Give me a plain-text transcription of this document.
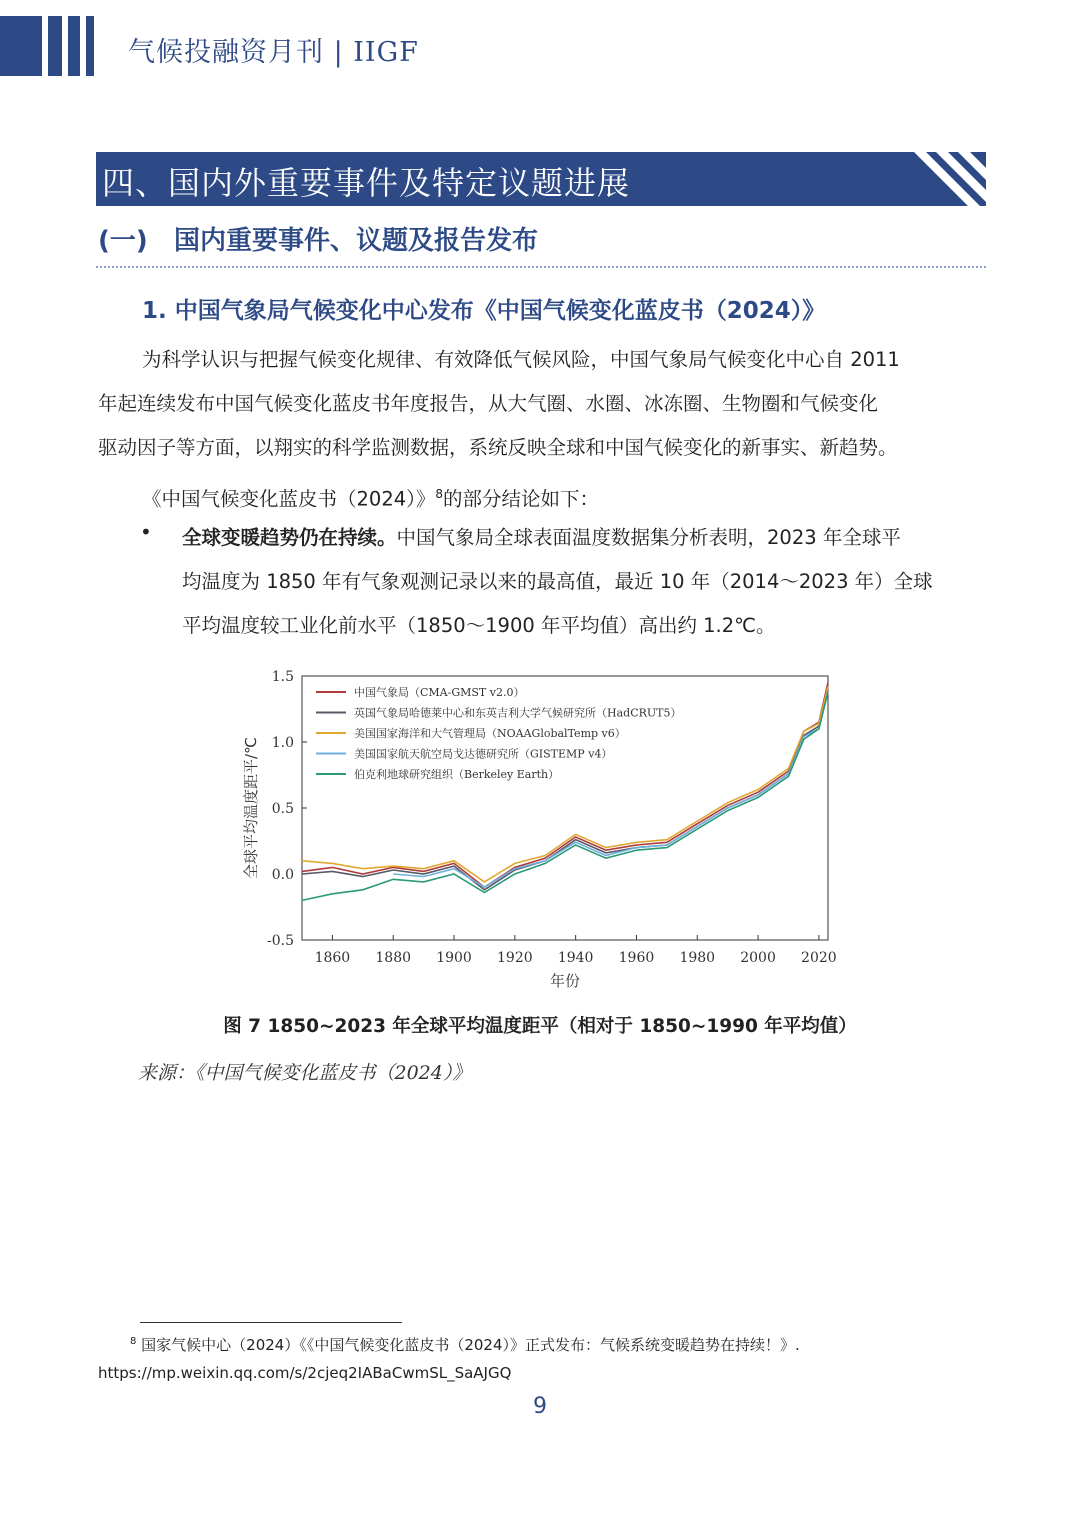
气候投融资月刊 | IIGF
四、国内外重要事件及特定议题进展
(一) 国内重要事件、议题及报告发布
1. 中国气象局气候变化中心发布《中国气候变化蓝皮书（2024）》
为科学认识与把握气候变化规律、有效降低气候风险，中国气象局气候变化中心自 2011
年起连续发布中国气候变化蓝皮书年度报告，从大气圈、水圈、冰冻圈、生物圈和气候变化
驱动因子等方面，以翔实的科学监测数据，系统反映全球和中国气候变化的新事实、新趋势。
《中国气候变化蓝皮书（2024）》$^8$的部分结论如下：
• 全球变暖趋势仍在持续。中国气象局全球表面温度数据集分析表明，2023 年全球平
均温度为 1850 年有气象观测记录以来的最高值，最近 10 年（2014～2023 年）全球
平均温度较工业化前水平（1850～1900 年平均值）高出约 1.2℃。
1.5
1.0
0.5
0.0
-0.5
1860 1880 1900 1920 1940 1960 1980 2000 2020
年份
全球平均温度距平/℃
中国气象局（CMA-GMST v2.0）
英国气象局哈德莱中心和东英吉利大学气候研究所（HadCRUT5）
美国国家海洋和大气管理局（NOAAGlobalTemp v6）
美国国家航天航空局戈达德研究所（GISTEMP v4）
伯克利地球研究组织（Berkeley Earth）
图 7 1850~2023 年全球平均温度距平（相对于 1850~1990 年平均值）
来源：《中国气候变化蓝皮书（2024）》
$^8$ 国家气候中心（2024）《《中国气候变化蓝皮书（2024）》正式发布：气候系统变暖趋势在持续！》.
https://mp.weixin.qq.com/s/2cjeq2IABaCwmSL_SaAJGQ
9
